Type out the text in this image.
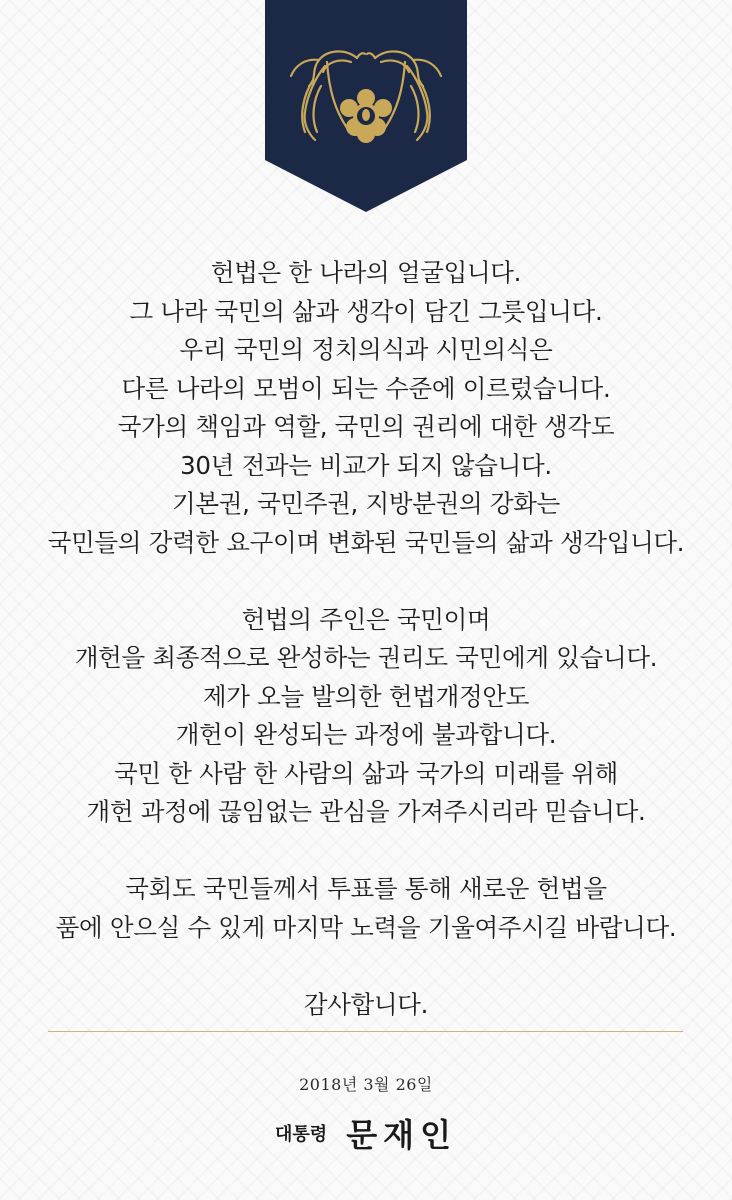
헌법은 한 나라의 얼굴입니다.
그 나라 국민의 삶과 생각이 담긴 그릇입니다.
우리 국민의 정치의식과 시민의식은
다른 나라의 모범이 되는 수준에 이르렀습니다.
국가의 책임과 역할, 국민의 권리에 대한 생각도
30년 전과는 비교가 되지 않습니다.
기본권, 국민주권, 지방분권의 강화는
국민들의 강력한 요구이며 변화된 국민들의 삶과 생각입니다.
헌법의 주인은 국민이며
개헌을 최종적으로 완성하는 권리도 국민에게 있습니다.
제가 오늘 발의한 헌법개정안도
개헌이 완성되는 과정에 불과합니다.
국민 한 사람 한 사람의 삶과 국가의 미래를 위해
개헌 과정에 끊임없는 관심을 가져주시리라 믿습니다.
국회도 국민들께서 투표를 통해 새로운 헌법을
품에 안으실 수 있게 마지막 노력을 기울여주시길 바랍니다.
감사합니다.
2018년 3월 26일
대통령 문재인
